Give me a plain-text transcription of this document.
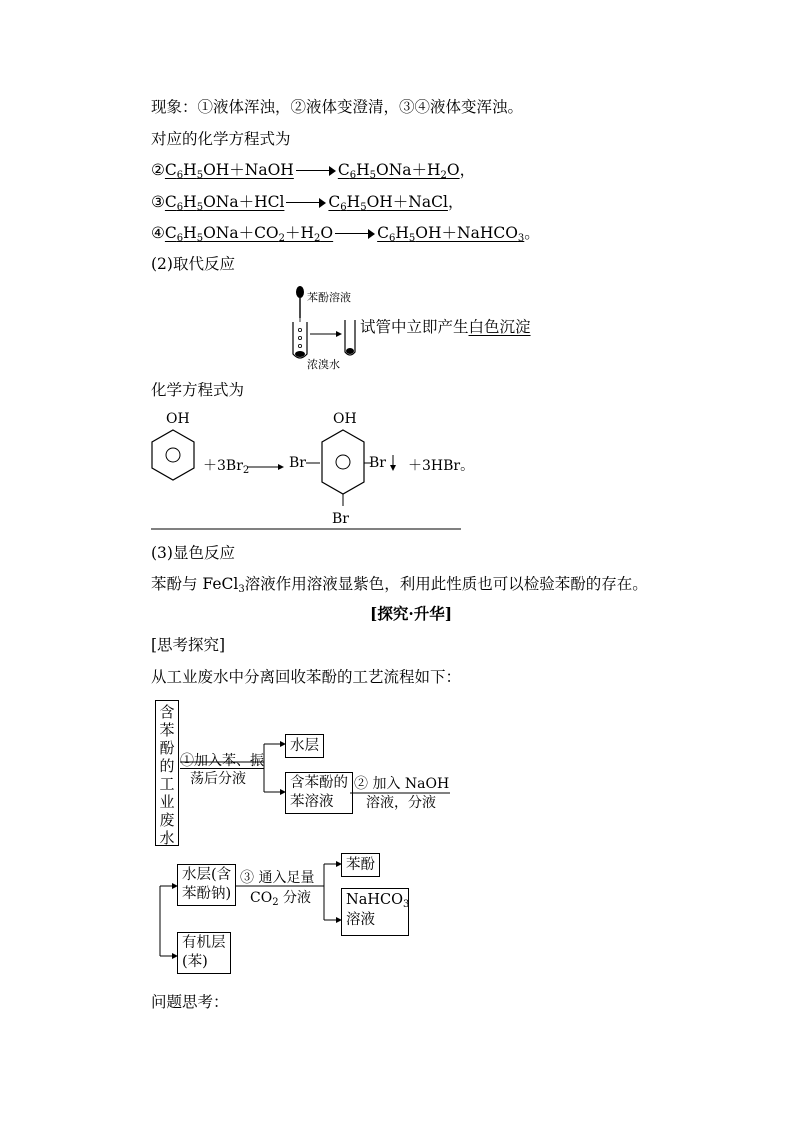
现象：①液体浑浊，②液体变澄清，③④液体变浑浊。
对应的化学方程式为
$②C_6H_5OH+NaOH$	$C_6H_5ONa+H_2O$，
$③C_6H_5ONa+HCl$	$C_6H_5OH+NaCl$，
$④C_6H_5ONa+CO_2+H_2O$	$C_6H_5OH+NaHCO_3$。
(2)取代反应
苯酚溶液
浓溴水
试管中立即产生白色沉淀
化学方程式为
OH
$+3Br_2 \to Br$
OH
Br ＋3HBr。
Br
(3)显色反应
苯酚与 FeCl$_3$溶液作用溶液显紫色，利用此性质也可以检验苯酚的存在。
[探究·升华]
[思考探究]
从工业废水中分离回收苯酚的工艺流程如下：
含
苯
酚
的
工
业
废
水
①加入苯、振
荡后分液
水层
含苯酚的
苯溶液
② 加入 NaOH
溶液，分液
水层(含
苯酚钠)
有机层
(苯)
③ 通入足量
$CO_2$ 分液
苯酚
NaHCO$_3$
溶液
问题思考：
